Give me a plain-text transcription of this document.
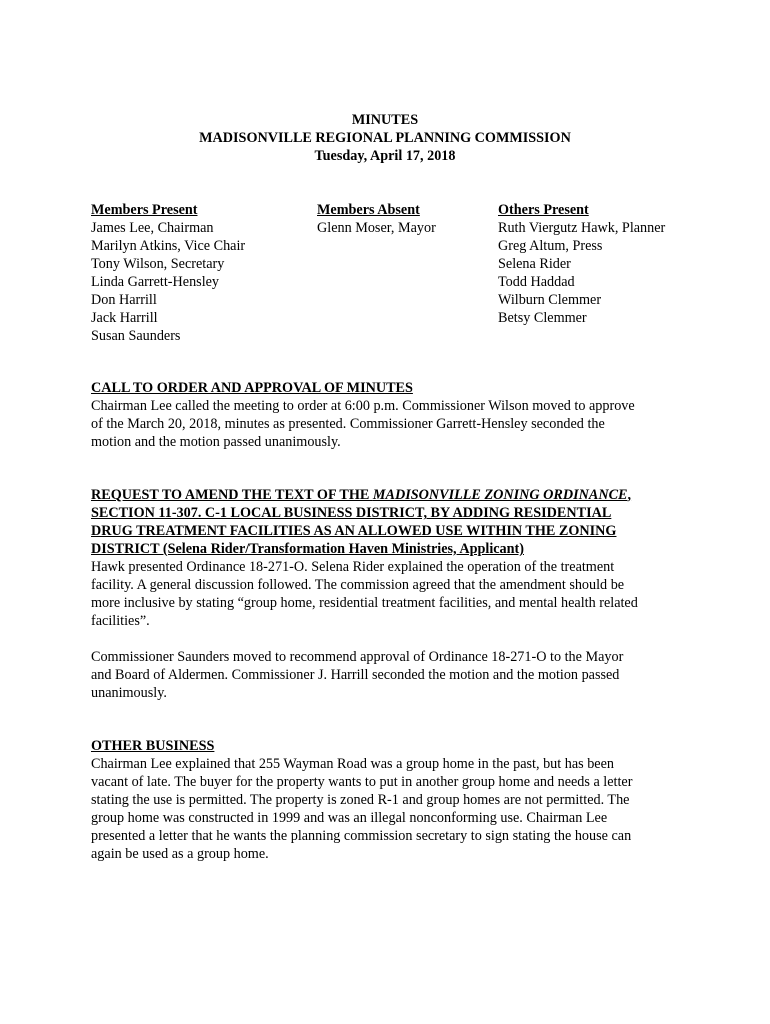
MINUTES
MADISONVILLE REGIONAL PLANNING COMMISSION
Tuesday, April 17, 2018
Members Present
James Lee, Chairman
Marilyn Atkins, Vice Chair
Tony Wilson, Secretary
Linda Garrett-Hensley
Don Harrill
Jack Harrill
Susan Saunders
Members Absent
Glenn Moser, Mayor
Others Present
Ruth Viergutz Hawk, Planner
Greg Altum, Press
Selena Rider
Todd Haddad
Wilburn Clemmer
Betsy Clemmer
CALL TO ORDER AND APPROVAL OF MINUTES
Chairman Lee called the meeting to order at 6:00 p.m. Commissioner Wilson moved to approve
of the March 20, 2018, minutes as presented. Commissioner Garrett-Hensley seconded the
motion and the motion passed unanimously.
REQUEST TO AMEND THE TEXT OF THE MADISONVILLE ZONING ORDINANCE,
SECTION 11-307. C-1 LOCAL BUSINESS DISTRICT, BY ADDING RESIDENTIAL
DRUG TREATMENT FACILITIES AS AN ALLOWED USE WITHIN THE ZONING
DISTRICT (Selena Rider/Transformation Haven Ministries, Applicant)
Hawk presented Ordinance 18-271-O. Selena Rider explained the operation of the treatment
facility. A general discussion followed. The commission agreed that the amendment should be
more inclusive by stating “group home, residential treatment facilities, and mental health related
facilities”.
Commissioner Saunders moved to recommend approval of Ordinance 18-271-O to the Mayor
and Board of Aldermen. Commissioner J. Harrill seconded the motion and the motion passed
unanimously.
OTHER BUSINESS
Chairman Lee explained that 255 Wayman Road was a group home in the past, but has been
vacant of late. The buyer for the property wants to put in another group home and needs a letter
stating the use is permitted. The property is zoned R-1 and group homes are not permitted. The
group home was constructed in 1999 and was an illegal nonconforming use. Chairman Lee
presented a letter that he wants the planning commission secretary to sign stating the house can
again be used as a group home.
